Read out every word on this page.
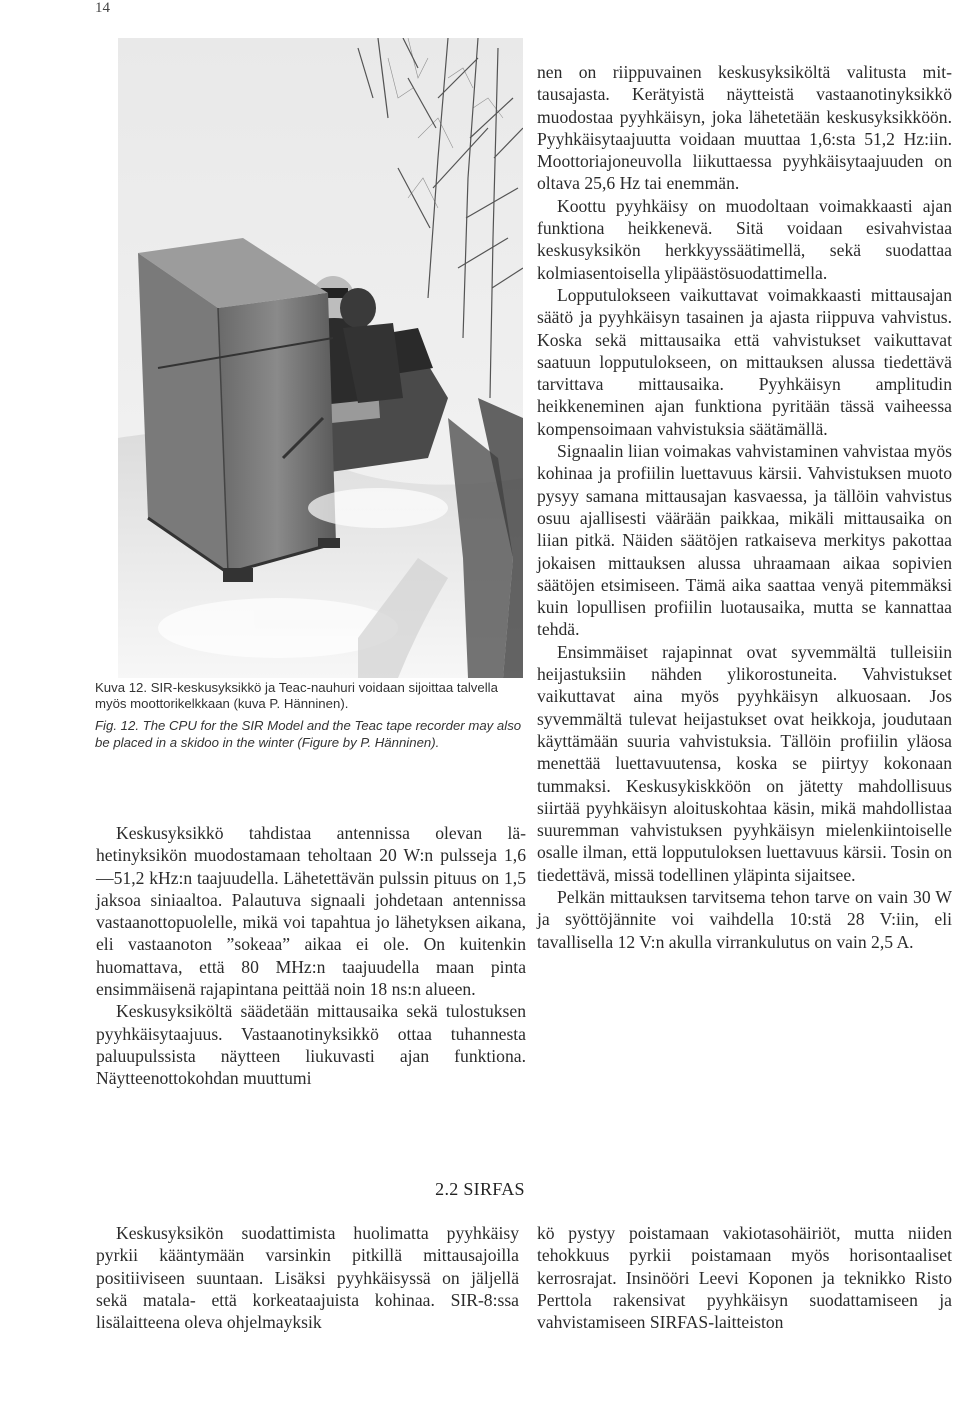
14

Kuva 12. SIR-keskusyksikkö ja Teac-nauhuri voidaan sijoittaa talvella myös moottorikelkkaan (kuva P. Hänninen).

Fig. 12. The CPU for the SIR Model and the Teac tape recorder may also be placed in a skidoo in the winter (Figure by P. Hänninen).

Keskusyksikkö tahdistaa antennissa olevan lähetinyksikön muodostamaan teholtaan 20 W:n pulsseja 1,6—51,2 kHz:n taajuudella. Lähetettävän pulssin pituus on 1,5 jaksoa siniaaltoa. Palautuva signaali johdetaan antennissa vastaanottopuolelle, mikä voi tapahtua jo lähetyksen aikana, eli vastaanoton ”sokeaa” aikaa ei ole. On kuitenkin huomattava, että 80 MHz:n taajuudella maan pinta ensimmäisenä rajapintana peittää noin 18 ns:n alueen.

Keskusyksiköltä säädetään mittausaika sekä tulostuksen pyyhkäisytaajuus. Vastaanotinyksikkö ottaa tuhannesta paluupulssista näytteen liukuvasti ajan funktiona. Näytteenottokohdan muuttumi

nen on riippuvainen keskusyksiköltä valitusta mittausajasta. Kerätyistä näytteistä vastaanotinyksikkö muodostaa pyyhkäisyn, joka lähetetään keskusyksikköön. Pyyhkäisytaajuutta voidaan muuttaa 1,6:sta 51,2 Hz:iin. Moottoriajoneuvolla liikuttaessa pyyhkäisytaajuuden on oltava 25,6 Hz tai enemmän.

Koottu pyyhkäisy on muodoltaan voimakkaasti ajan funktiona heikkenevä. Sitä voidaan esivahvistaa keskusyksikön herkkyyssäätimellä, sekä suodattaa kolmiasentoisella ylipäästösuodattimella.

Lopputulokseen vaikuttavat voimakkaasti mittausajan säätö ja pyyhkäisyn tasainen ja ajasta riippuva vahvistus. Koska sekä mittausaika että vahvistukset vaikuttavat saatuun lopputulokseen, on mittauksen alussa tiedettävä tarvittava mittausaika. Pyyhkäisyn amplitudin heikkeneminen ajan funktiona pyritään tässä vaiheessa kompensoimaan vahvistuksia säätämällä.

Signaalin liian voimakas vahvistaminen vahvistaa myös kohinaa ja profiilin luettavuus kärsii. Vahvistuksen muoto pysyy samana mittausajan kasvaessa, ja tällöin vahvistus osuu ajallisesti väärään paikkaa, mikäli mittausaika on liian pitkä. Näiden säätöjen ratkaiseva merkitys pakottaa jokaisen mittauksen alussa uhraamaan aikaa sopivien säätöjen etsimiseen. Tämä aika saattaa venyä pitemmäksi kuin lopullisen profiilin luotausaika, mutta se kannattaa tehdä.

Ensimmäiset rajapinnat ovat syvemmältä tulleisiin heijastuksiin nähden ylikorostuneita. Vahvistukset vaikuttavat aina myös pyyhkäisyn alkuosaan. Jos syvemmältä tulevat heijastukset ovat heikkoja, joudutaan käyttämään suuria vahvistuksia. Tällöin profiilin yläosa menettää luettavuutensa, koska se piirtyy kokonaan tummaksi. Keskusykiskköön on jätetty mahdollisuus siirtää pyyhkäisyn aloituskohtaa käsin, mikä mahdollistaa suuremman vahvistuksen pyyhkäisyn mielenkiintoiselle osalle ilman, että lopputuloksen luettavuus kärsii. Tosin on tiedettävä, missä todellinen yläpinta sijaitsee.

Pelkän mittauksen tarvitsema tehon tarve on vain 30 W ja syöttöjännite voi vaihdella 10:stä 28 V:iin, eli tavallisella 12 V:n akulla virrankulutus on vain 2,5 A.

2.2 SIRFAS

Keskusyksikön suodattimista huolimatta pyyhkäisy pyrkii kääntymään varsinkin pitkillä mittausajoilla positiiviseen suuntaan. Lisäksi pyyhkäisyssä on jäljellä sekä matala- että korkeataajuista kohinaa. SIR-8:ssa lisälaitteena oleva ohjelmayksik

kö pystyy poistamaan vakiotasohäiriöt, mutta niiden tehokkuus pyrkii poistamaan myös horisontaaliset kerrosrajat. Insinööri Leevi Koponen ja teknikko Risto Perttola rakensivat pyyhkäisyn suodattamiseen ja vahvistamiseen SIRFAS-laitteiston
